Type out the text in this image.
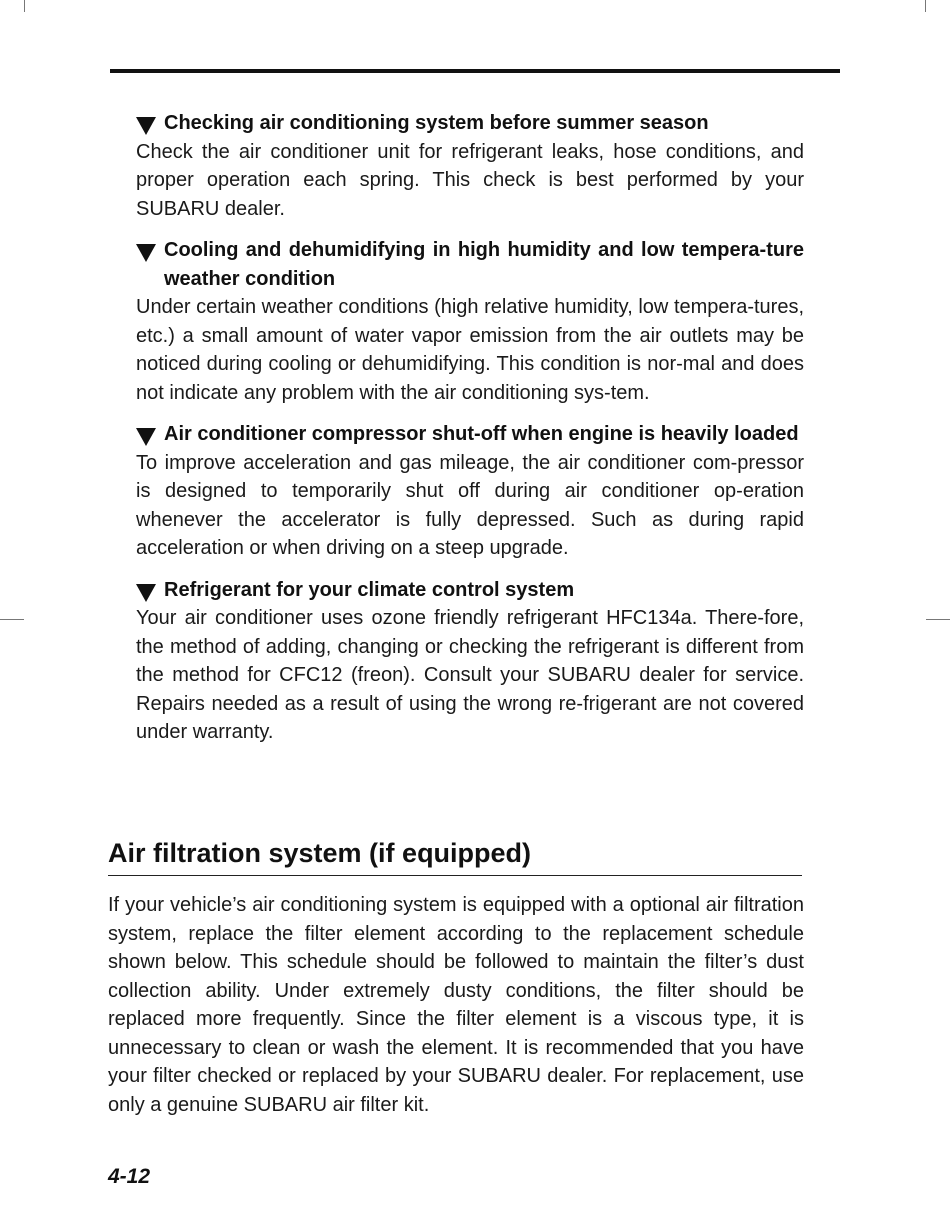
Checking air conditioning system before summer season
Check the air conditioner unit for refrigerant leaks, hose conditions, and proper operation each spring. This check is best performed by your SUBARU dealer.
Cooling and dehumidifying in high humidity and low tempera-ture weather condition
Under certain weather conditions (high relative humidity, low tempera-tures, etc.) a small amount of water vapor emission from the air outlets may be noticed during cooling or dehumidifying. This condition is nor-mal and does not indicate any problem with the air conditioning sys-tem.
Air conditioner compressor shut-off when engine is heavily loaded
To improve acceleration and gas mileage, the air conditioner com-pressor is designed to temporarily shut off during air conditioner op-eration whenever the accelerator is fully depressed. Such as during rapid acceleration or when driving on a steep upgrade.
Refrigerant for your climate control system
Your air conditioner uses ozone friendly refrigerant HFC134a. There-fore, the method of adding, changing or checking the refrigerant is different from the method for CFC12 (freon). Consult your SUBARU dealer for service. Repairs needed as a result of using the wrong re-frigerant are not covered under warranty.
Air filtration system (if equipped)
If your vehicle’s air conditioning system is equipped with a optional air filtration system, replace the filter element according to the replacement schedule shown below. This schedule should be followed to maintain the filter’s dust collection ability. Under extremely dusty conditions, the filter should be replaced more frequently. Since the filter element is a viscous type, it is unnecessary to clean or wash the element. It is recommended that you have your filter checked or replaced by your SUBARU dealer. For replacement, use only a genuine SUBARU air filter kit.
4-12
